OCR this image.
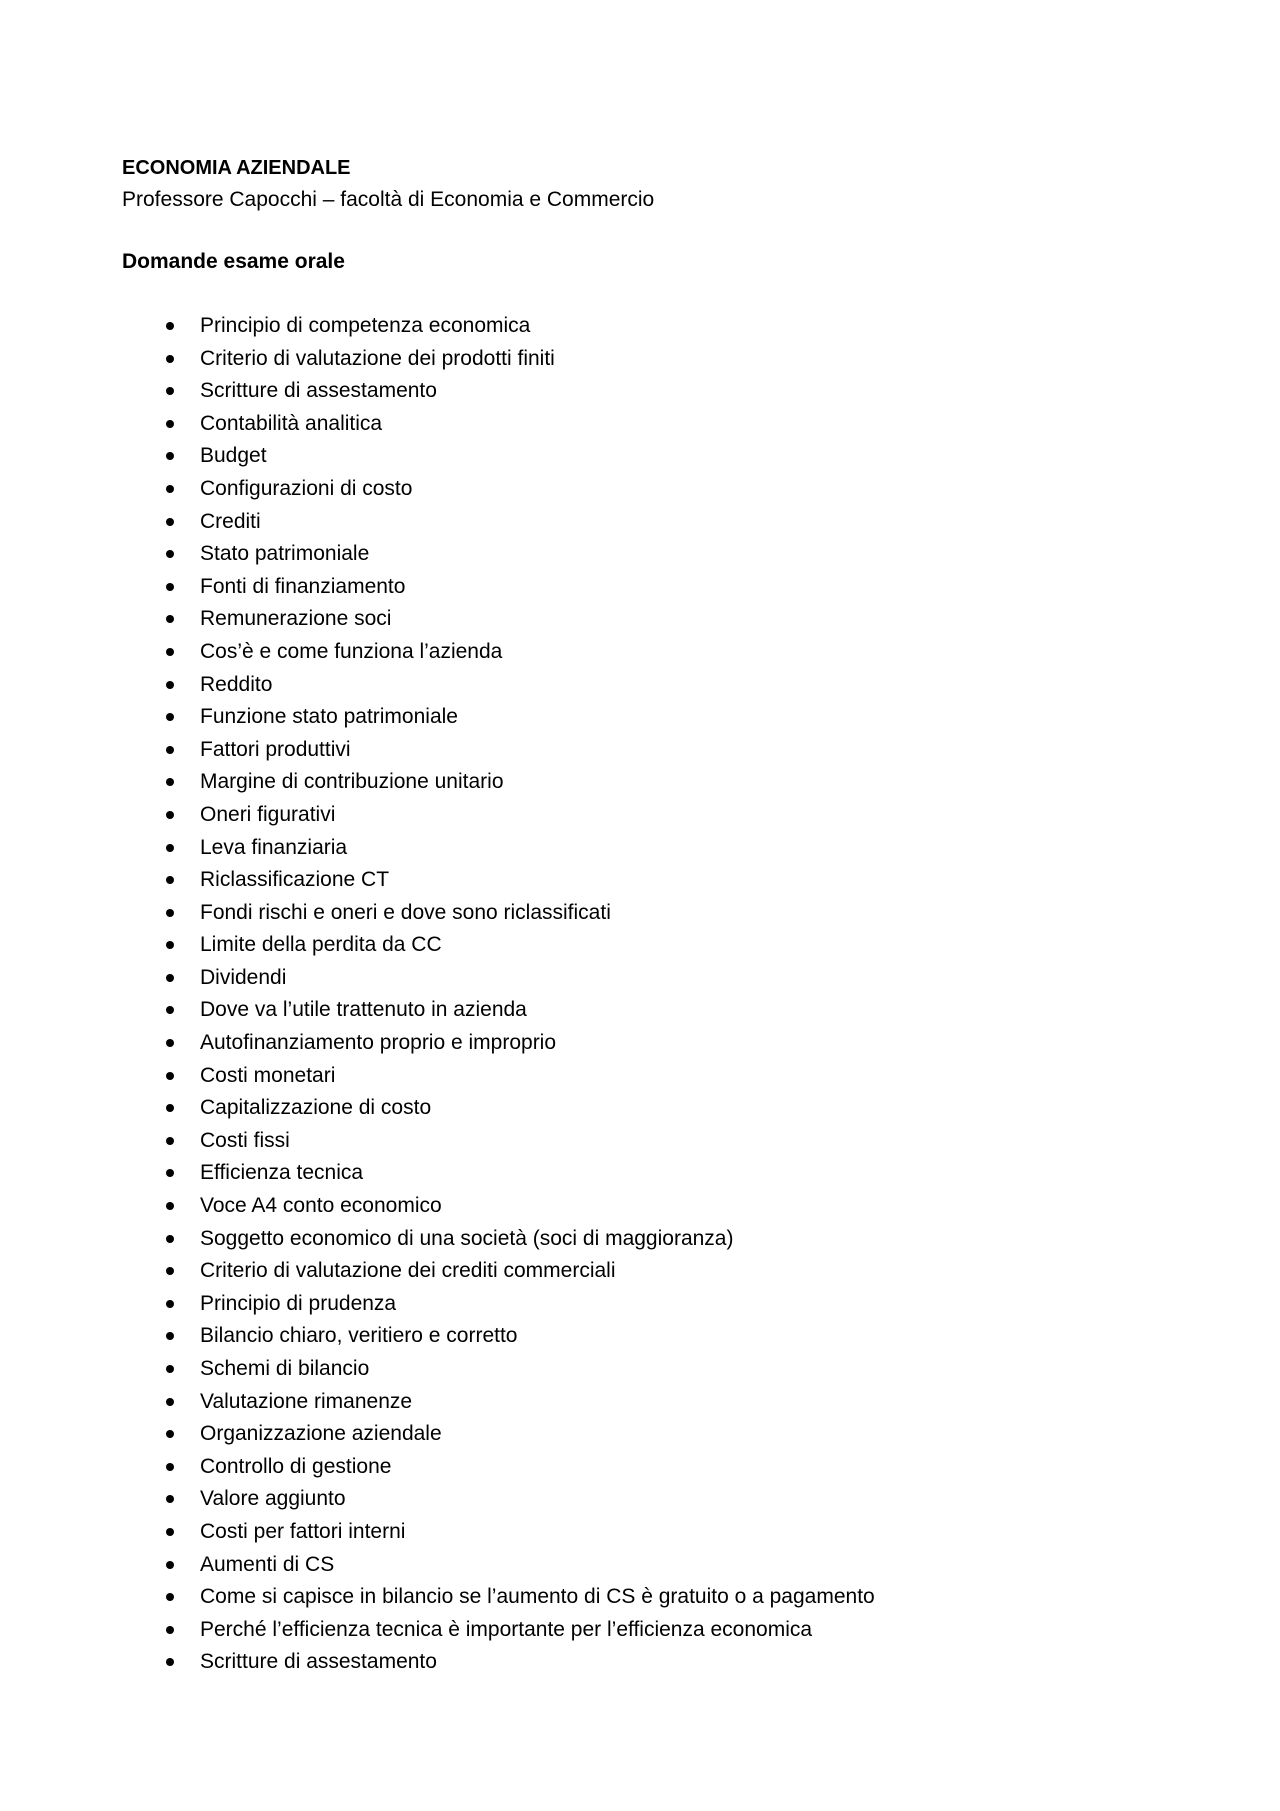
ECONOMIA AZIENDALE
Professore Capocchi – facoltà di Economia e Commercio
Domande esame orale
Principio di competenza economica
Criterio di valutazione dei prodotti finiti
Scritture di assestamento
Contabilità analitica
Budget
Configurazioni di costo
Crediti
Stato patrimoniale
Fonti di finanziamento
Remunerazione soci
Cos’è e come funziona l’azienda
Reddito
Funzione stato patrimoniale
Fattori produttivi
Margine di contribuzione unitario
Oneri figurativi
Leva finanziaria
Riclassificazione CT
Fondi rischi e oneri e dove sono riclassificati
Limite della perdita da CC
Dividendi
Dove va l’utile trattenuto in azienda
Autofinanziamento proprio e improprio
Costi monetari
Capitalizzazione di costo
Costi fissi
Efficienza tecnica
Voce A4 conto economico
Soggetto economico di una società (soci di maggioranza)
Criterio di valutazione dei crediti commerciali
Principio di prudenza
Bilancio chiaro, veritiero e corretto
Schemi di bilancio
Valutazione rimanenze
Organizzazione aziendale
Controllo di gestione
Valore aggiunto
Costi per fattori interni
Aumenti di CS
Come si capisce in bilancio se l’aumento di CS è gratuito o a pagamento
Perché l’efficienza tecnica è importante per l’efficienza economica
Scritture di assestamento
